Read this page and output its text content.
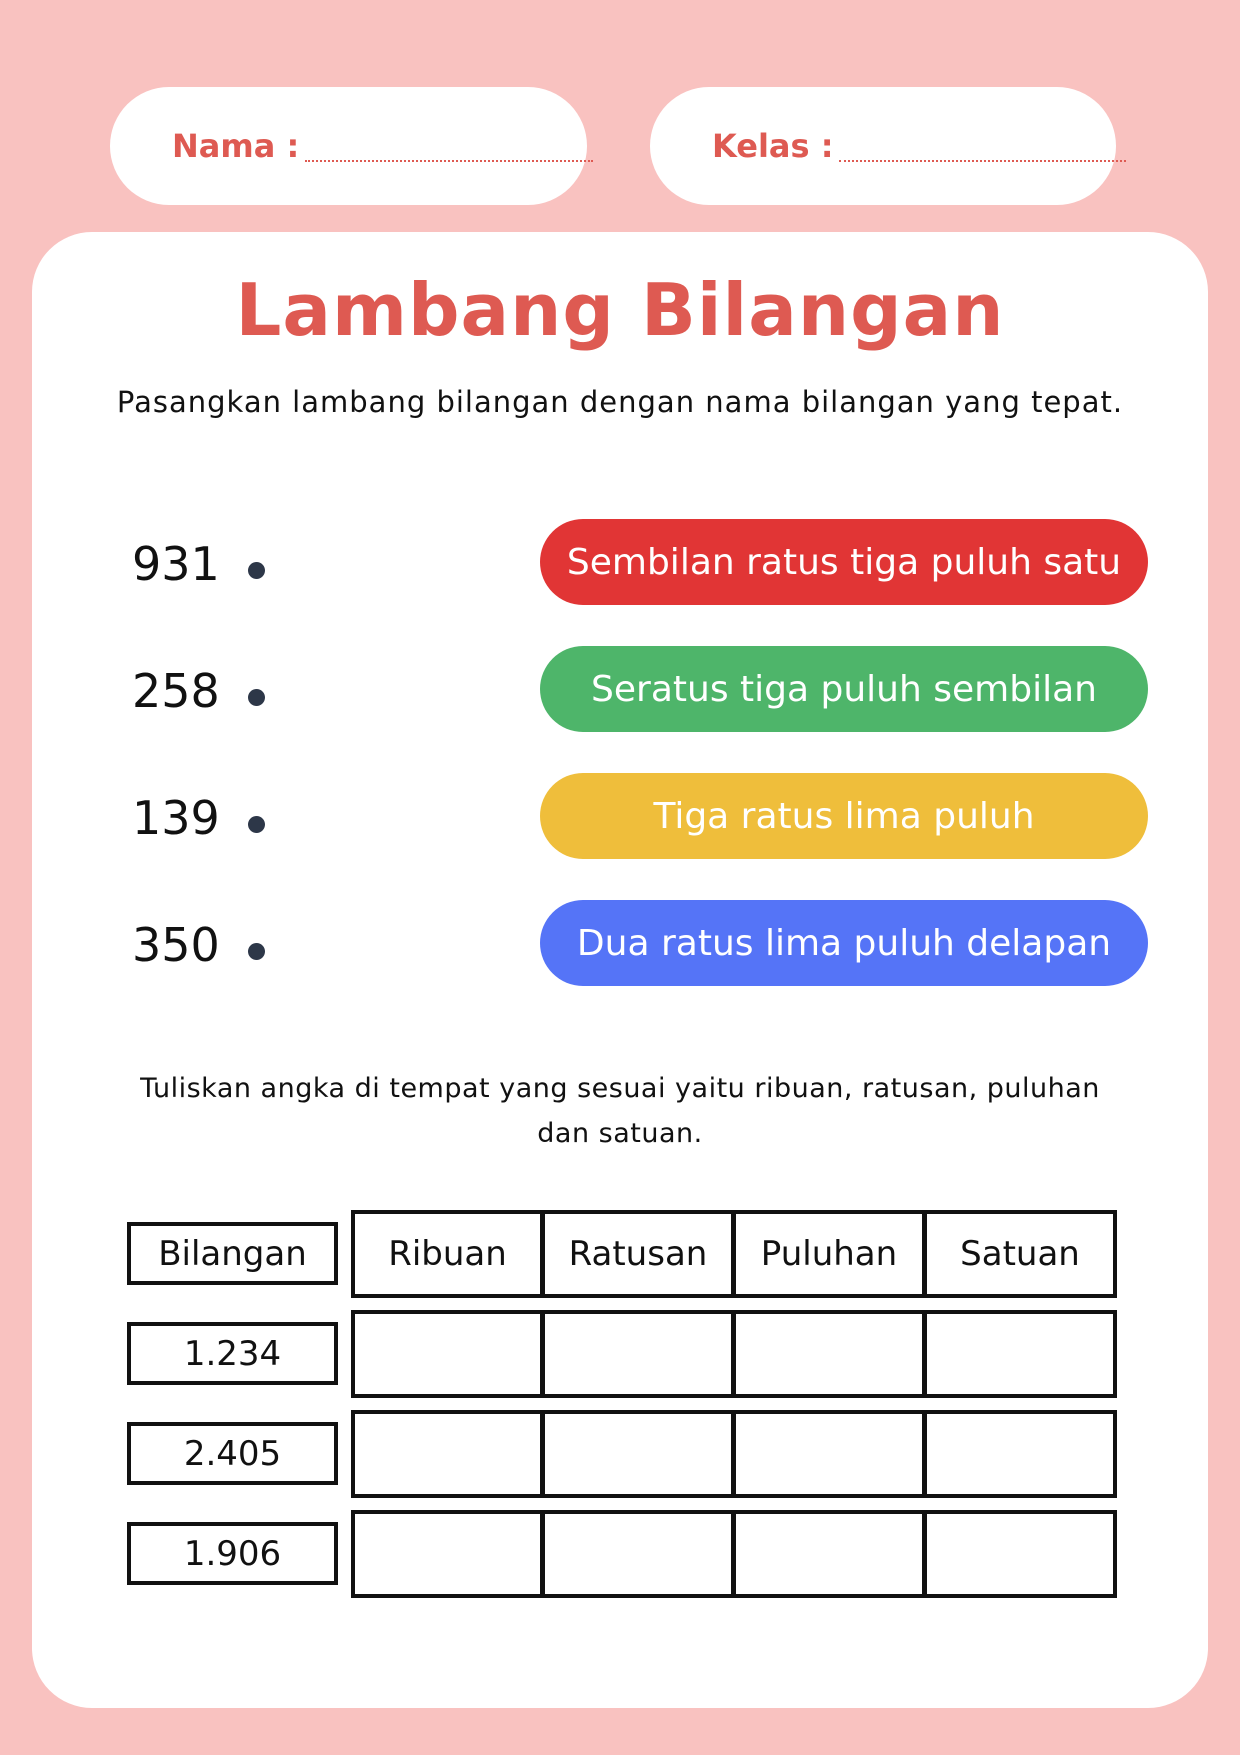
Nama :	Kelas :
Lambang Bilangan
Pasangkan lambang bilangan dengan nama bilangan yang tepat.
931
258
139
350
Sembilan ratus tiga puluh satu
Seratus tiga puluh sembilan
Tiga ratus lima puluh
Dua ratus lima puluh delapan
Tuliskan angka di tempat yang sesuai yaitu ribuan, ratusan, puluhan dan satuan.
Bilangan	Ribuan	Ratusan	Puluhan	Satuan
1.234
2.405
1.906
